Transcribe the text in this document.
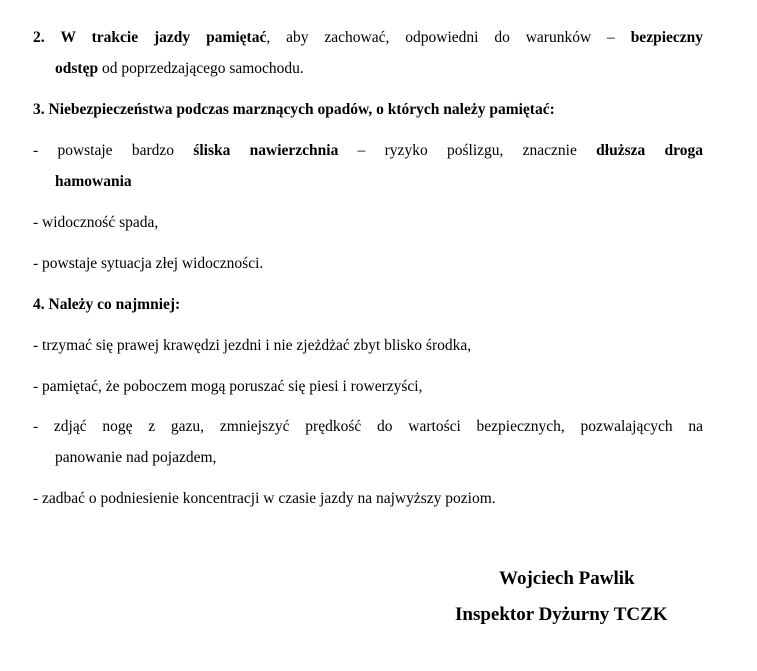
2. W trakcie jazdy pamiętać, aby zachować, odpowiedni do warunków – bezpieczny
odstęp od poprzedzającego samochodu.
3. Niebezpieczeństwa podczas marznących opadów, o których należy pamiętać:
- powstaje bardzo śliska nawierzchnia – ryzyko poślizgu, znacznie dłuższa droga
hamowania
- widoczność spada,
- powstaje sytuacja złej widoczności.
4. Należy co najmniej:
- trzymać się prawej krawędzi jezdni i nie zjeżdżać zbyt blisko środka,
- pamiętać, że poboczem mogą poruszać się piesi i rowerzyści,
- zdjąć nogę z gazu, zmniejszyć prędkość do wartości bezpiecznych, pozwalających na
panowanie nad pojazdem,
- zadbać o podniesienie koncentracji w czasie jazdy na najwyższy poziom.
Wojciech Pawlik
Inspektor Dyżurny TCZK
